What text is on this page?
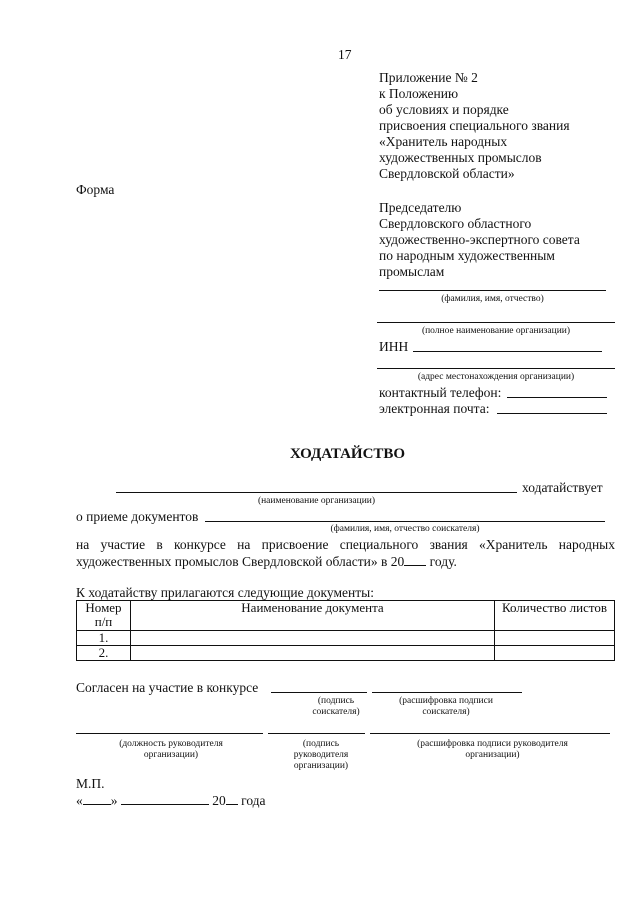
17
Приложение № 2
к Положению
об условиях и порядке
присвоения специального звания
«Хранитель народных
художественных промыслов
Свердловской области»
Форма
Председателю
Свердловского областного
художественно-экспертного совета
по народным художественным
промыслам
(фамилия, имя, отчество)
(полное наименование организации)
ИНН
(адрес местонахождения организации)
контактный телефон:
электронная почта:
ХОДАТАЙСТВО
ходатайствует
(наименование организации)
о приеме документов
(фамилия, имя, отчество соискателя)
на участие в конкурсе на присвоение специального звания «Хранитель народных
художественных промыслов Свердловской области» в 20 году.
К ходатайству прилагаются следующие документы:
Номер
п/п	Наименование документа	Количество листов
1.		
2.		
Согласен на участие в конкурсе
(подпись
соискателя)
(расшифровка подписи
соискателя)
(должность руководителя
организации)
(подпись
руководителя
организации)
(расшифровка подписи руководителя
организации)
М.П.
« »	20 года
